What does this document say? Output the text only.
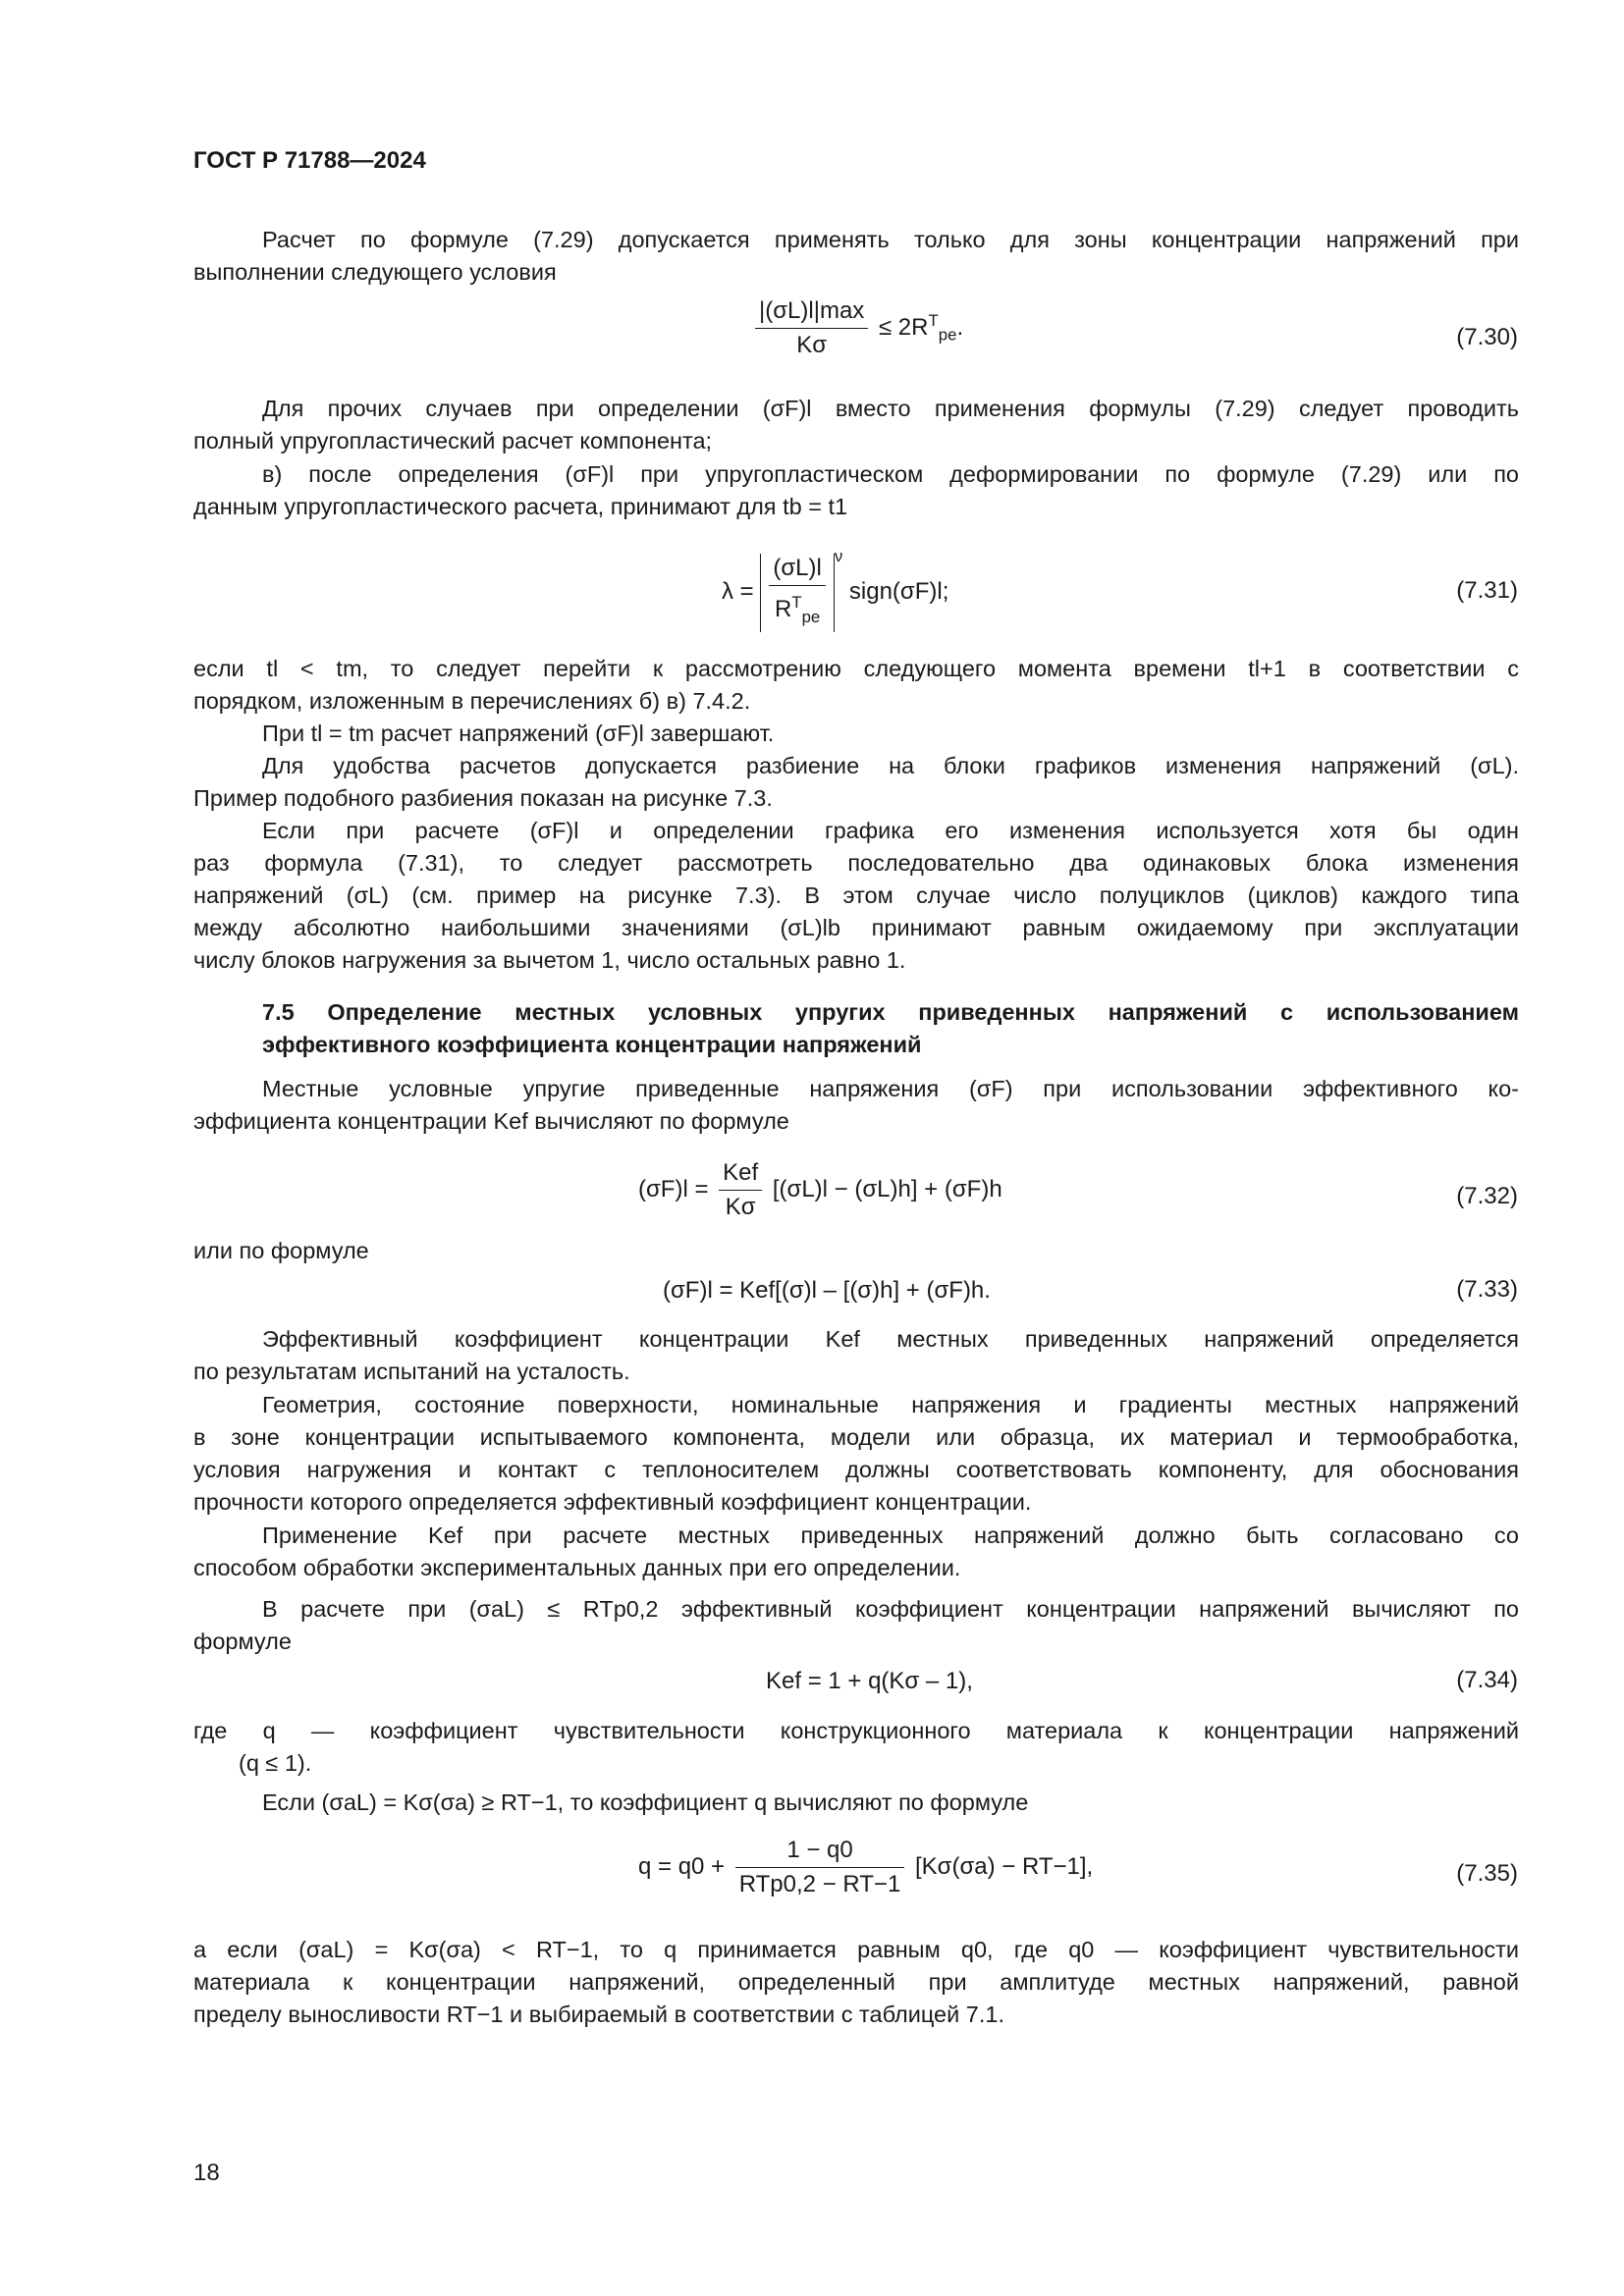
ГОСТ Р 71788—2024
Расчет по формуле (7.29) допускается применять только для зоны концентрации напряжений при
выполнении следующего условия
$\frac{|(\sigma L)l|\max}{K\sigma} \le 2R^T_{pe}$.	(7.30)
Для прочих случаев при определении (σF)l вместо применения формулы (7.29) следует проводить
полный упругопластический расчет компонента;
в) после определения (σF)l при упругопластическом деформировании по формуле (7.29) или по
данным упругопластического расчета, принимают для tb = t1
$\lambda = \frac{(\sigma L)l}{R^T_{pe}} ^\nu$ sign(σF)l;	(7.31)
если tl < tm, то следует перейти к рассмотрению следующего момента времени tl+1 в соответствии с
порядком, изложенным в перечислениях б) в) 7.4.2.
При tl = tm расчет напряжений (σF)l завершают.
Для удобства расчетов допускается разбиение на блоки графиков изменения напряжений (σL).
Пример подобного разбиения показан на рисунке 7.3.
Если при расчете (σF)l и определении графика его изменения используется хотя бы один
раз формула (7.31), то следует рассмотреть последовательно два одинаковых блока изменения
напряжений (σL) (см. пример на рисунке 7.3). В этом случае число полуциклов (циклов) каждого типа
между абсолютно наибольшими значениями (σL)lb принимают равным ожидаемому при эксплуатации
числу блоков нагружения за вычетом 1, число остальных равно 1.
7.5 Определение местных условных упругих приведенных напряжений с использованием
эффективного коэффициента концентрации напряжений
Местные условные упругие приведенные напряжения (σF) при использовании эффективного ко-
эффициента концентрации Kef вычисляют по формуле
$(\sigma F)l = \frac{\text{Kef}}{K\sigma} [(\sigma L)l - (\sigma L)h] + (\sigma F)h$	(7.32)
или по формуле
(σF)l = Kef[(σ)l – [(σ)h] + (σF)h.	(7.33)
Эффективный коэффициент концентрации Kef местных приведенных напряжений определяется
по результатам испытаний на усталость.
Геометрия, состояние поверхности, номинальные напряжения и градиенты местных напряжений
в зоне концентрации испытываемого компонента, модели или образца, их материал и термообработка,
условия нагружения и контакт с теплоносителем должны соответствовать компоненту, для обоснования
прочности которого определяется эффективный коэффициент концентрации.
Применение Kef при расчете местных приведенных напряжений должно быть согласовано со
способом обработки экспериментальных данных при его определении.
В расчете при (σaL) ≤ RTp0,2 эффективный коэффициент концентрации напряжений вычисляют по
формуле
Kef = 1 + q(Kσ – 1),	(7.34)
где q — коэффициент чувствительности конструкционного материала к концентрации напряжений
(q ≤ 1).
Если (σaL) = Kσ(σa) ≥ RT−1, то коэффициент q вычисляют по формуле
$q = q0 + \frac{1 - q0}{\text{RTp0,2 − RT−1}} [K\sigma(\sigma a) - RT-1]$,	(7.35)
а если (σaL) = Kσ(σa) < RT−1, то q принимается равным q0, где q0 — коэффициент чувствительности
материала к концентрации напряжений, определенный при амплитуде местных напряжений, равной
пределу выносливости RT−1 и выбираемый в соответствии с таблицей 7.1.
18
